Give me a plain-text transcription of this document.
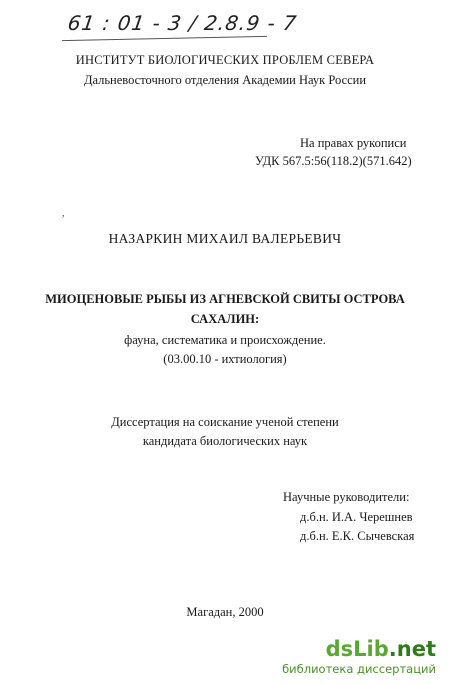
61 : 01 - 3 / 2.8.9 - 7
ИНСТИТУТ БИОЛОГИЧЕСКИХ ПРОБЛЕМ СЕВЕРА
Дальневосточного отделения Академии Наук России
На правах рукописи
УДК 567.5:56(118.2)(571.642)
,
НАЗАРКИН МИХАИЛ ВАЛЕРЬЕВИЧ
МИОЦЕНОВЫЕ РЫБЫ ИЗ АГНЕВСКОЙ СВИТЫ ОСТРОВА
САХАЛИН:
фауна, систематика и происхождение.
(03.00.10 - ихтиология)
Диссертация на соискание ученой степени
кандидата биологических наук
Научные руководители:
д.б.н. И.А. Черешнев
д.б.н. Е.К. Сычевская
Магадан, 2000
dsLib.net
библиотека диссертаций
